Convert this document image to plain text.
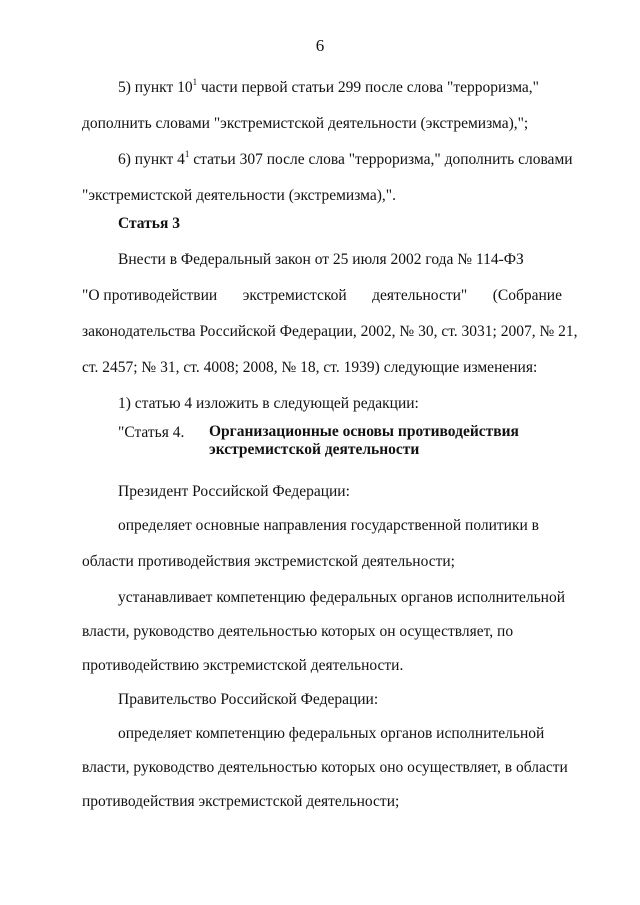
6
5) пункт $10^1$ части первой статьи 299 после слова "терроризма,"
дополнить словами "экстремистской деятельности (экстремизма),";
6) пункт $4^1$ статьи 307 после слова "терроризма," дополнить словами
"экстремистской деятельности (экстремизма),".
Статья 3
Внести в Федеральный закон от 25 июля 2002 года № 114-ФЗ
"О противодействии экстремистской деятельности" (Собрание
законодательства Российской Федерации, 2002, № 30, ст. 3031; 2007, № 21,
ст. 2457; № 31, ст. 4008; 2008, № 18, ст. 1939) следующие изменения:
1) статью 4 изложить в следующей редакции:
"Статья 4. Организационные основы противодействия
экстремистской деятельности
Президент Российской Федерации:
определяет основные направления государственной политики в
области противодействия экстремистской деятельности;
устанавливает компетенцию федеральных органов исполнительной
власти, руководство деятельностью которых он осуществляет, по
противодействию экстремистской деятельности.
Правительство Российской Федерации:
определяет компетенцию федеральных органов исполнительной
власти, руководство деятельностью которых оно осуществляет, в области
противодействия экстремистской деятельности;
